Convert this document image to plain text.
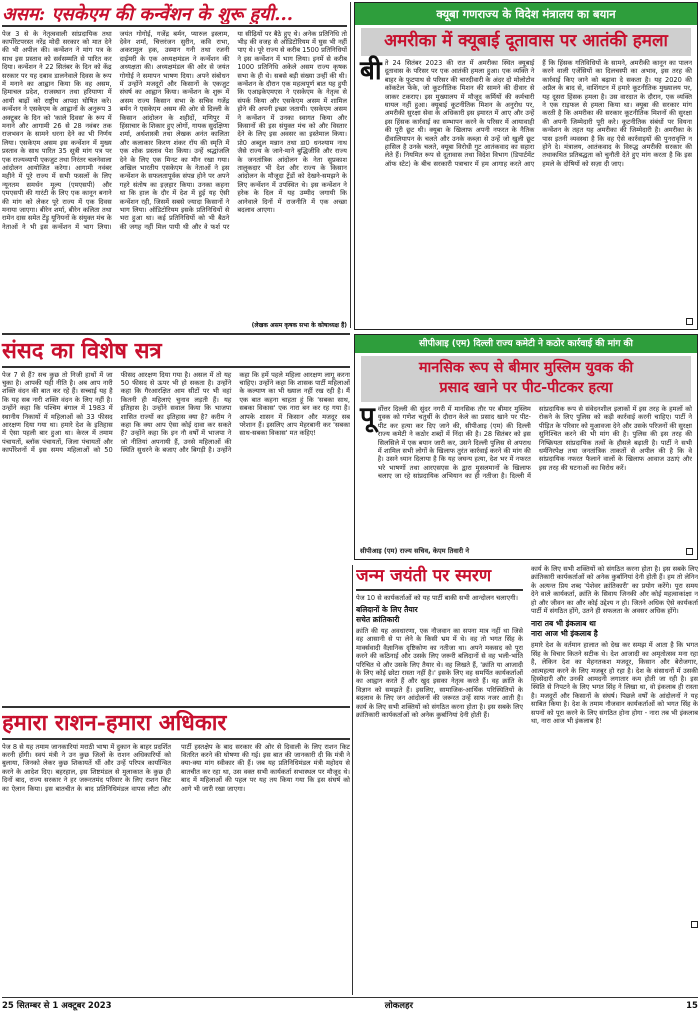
असम: एसकेएम की कन्वेंशन के शुरू हुयी...
पेज 3 से के नेतृत्ववाली सांप्रदायिक तथा कार्पोरेटपरस्त नरेंद्र मोदी सरकार को मात देने की भी अपील की। कन्वेंशन ने मांग पत्र के साथ इस प्रस्ताव को सर्वसम्मति से पारित कर दिया। कन्वेंशन ने 22 सितंबर के दिन को केंद्र सरकार पर यह दबाव डालनेवाले दिवस के रूप में मनाने का आह्वान किया कि वह असम, हिमाचल प्रदेश, राजस्थान तथा हरियाणा में आयी बाढ़ों को राष्ट्रीय आपदा घोषित करे। कन्वेंशन ने एसकेएम के आह्वानों के अनुरूप 3 अक्टूबर के दिन को 'काले दिवस' के रूप में मनाने और आगामी 26 से 28 नवंबर तक राजभवन के सामने धरना देने का भी निर्णय लिया। एसकेएम असम इस कन्वेंशन में मुख्य प्रस्ताव के साथ पारित 35 सूत्री मांग पत्र पर एक राज्यव्यापी एकजुट तथा निरंतर चलनेवाला आंदोलन आयोजित करेगा। आगामी नवंबर महीने में पूरे राज्य में सभी फसलों के लिए न्यूनतम समर्थन मूल्य (एमएसपी) और एमएसपी की गारंटी के लिए एक कानून बनाने की मांग को लेकर पूरे राज्य में एक दिवस मनाया जाएगा। बीरेन शर्मा, बीरेन कलिता तथा रामेन दास समेत टेंड्रु यूनियनों के संयुक्त मंच के नेताओं ने भी इस कन्वेंशन में भाग लिया। जयंत गोगोई, गजेंद्र बर्मन, प्यारुल इस्लाम, देवेन शर्मा, चित्तरंजन सुरीन, कवि राभा, अकरामुल हक, उस्मान गनी तथा रजनी दाईमरी के एक अध्यक्षमंडल ने कन्वेंशन की अध्यक्षता की। अध्यक्षमंडल की ओर से जयंत गोगोई ने समापन भाषण दिया। अपने संबोधन में उन्होंने मजदूरों और किसानों के एकजुट संघर्ष का आह्वान किया। कन्वेंशन के शुरू में असम राज्य किसान सभा के सचिव गजेंद्र बर्मन ने एसकेएम असम की ओर से दिल्ली के किसान आंदोलन के शहीदों, मणिपुर में हिंसाचार के शिकार हुए लोगों, गायक सुदक्षिणा शर्मा, अर्थशास्त्री तथा लेखक अनंत कालिता और कलाकार किरण शंकर रॉय की स्मृति में एक शोक प्रस्ताव पेश किया। उन्हें श्रद्धांजलि देने के लिए एक मिनट का मौन रखा गया। अखिल भारतीय एसकेएम के नेताओं ने इस कन्वेंशन के सफलतापूर्वक संपन्न होने पर अपने गहरे संतोष का इज़हार किया। उनका कहना था कि हाल के दौर में देश में हुई यह ऐसी कन्वेंशन रही, जिसमें सबसे ज्यादा किसानों ने भाग लिया। ऑडिटोरियम इसके प्रतिनिधियों से भरा हुआ था। कई प्रतिनिधियों को भी बैठने की जगह नहीं मिल पायी थी और वे फर्श पर या सीढ़ियों पर बैठे हुए थे। अनेक प्रतिनिधि तो भीड़ की वजह से ऑडिटोरियम में घुस भी नहीं पाए थे। पूरे राज्य से करीब 1500 प्रतिनिधियों ने इस कन्वेंशन में भाग लिया। इनमें से करीब 1000 प्रतिनिधि अकेले असम राज्य कृषक सभा के ही थे। सबसे बड़ी संख्या उन्हीं की थी। कन्वेंशन के दौरान एक महत्वपूर्ण बात यह हुयी कि एआइकेएमएस ने एसकेएम के नेतृत्व से संपर्क किया और एसकेएम असम में शामिल होने की अपनी इच्छा जतायी। एसकेएम असम ने कन्वेंशन में उनका स्वागत किया और किसानों की इस संयुक्त मंच को और विस्तार देने के लिए इस अवसर का इस्तेमाल किया। प्रो0 अब्दुल मन्नान तथा डा0 धनश्याम नाथ जैसे राज्य के जाने-माने बुद्धिजीवि और राज्य के जनतांत्रिक आंदोलन के नेता सुप्रकाश तालुकदार भी देश और राज्य के किसान आंदोलन के मौजूदा ट्रेंडों को देखने-समझने के लिए कन्वेंशन में उपस्थित थे। इस कन्वेंशन ने हरेक के दिल में यह उम्मीद जगायी कि आनेवाले दिनों में राजनीति में एक अच्छा बदलाव आएगा।
(लेखक असम कृषक सभा के कोषाध्यक्ष हैं)
क्यूबा गणराज्य के विदेश मंत्रालय का बयान
अमरीका में क्यूबाई दूतावास पर आतंकी हमला
बी ते 24 सितंबर 2023 की रात में अमरीका स्थित क्यूबाई दूतावास के परिसर पर एक आतंकी हमला हुआ। एक व्यक्ति ने बाहर के फुटपाथ से परिसर की चारदीवारी के अंदर दो मोलोटोव कॉकटेल फेंके, जो कूटनीतिक मिशन की सामने की दीवार से जाकर टकराए। इस मुख्यालय में मौजूद कर्मियों की कर्मचारी घायल नहीं हुआ। क्यूबाई कूटनीतिक मिशन के अनुरोध पर, अमरीकी सुरक्षा सेवा के अधिकारी इस इमारत में आए और उन्हें इस हिंसक कार्रवाई का सम्भापन करने के परिसर में आयावाही की पूरी छूट थी। क्यूबा के खिलाफ अपनी नफरत के नैतिक दीवालियापन के चलते और उनके कब्ज़ा से उन्हें जो खुली छूट हासिल है उनके चलते, क्यूबा विरोधी गुट आतंकवाद का सहारा लेते हैं। नियमित रूप से दूतावास तथा विदेश विभाग (डिपार्टमेंट ऑफ स्टेट) के बीच सरकारी पत्राचार में हम आगाह करते आए हैं कि हिंसक गतिविधियों के सामने, अमरीकी कानून का पालन करने वाली एजेंसियों का दिलचस्पी का अभाव, इस तरह की कार्रवाई किए जाने को बढ़ावा दे सकता है। यह 2020 की अप्रैल के बाद से, वाशिंगटन में हमारे कूटनीतिक मुख्यालय पर, यह दूसरा हिंसक हमला है। उस वारदात के दौरान, एक व्यक्ति ने एक राइफल से हमला किया था। क्यूबा की सरकार मांग करती है कि अमरीका की सरकार कूटनीतिक मिशनों की सुरक्षा की अपनी जिम्मेदारी पूरी करे। कूटनीतिक संबंधों पर वियना कन्वेंशन के तहत यह अमरीका की जिम्मेदारी है। अमरीका के पास इतनी व्यवस्था है कि वह ऐसे कार्रवाइयों की पुनरावृत्ति न होने दे। मंत्रालय, आतंकवाद के विरुद्ध अमरीकी सरकार की तथाकथित प्रतिबद्धता को चुनौती देते हुए मांग करता है कि इस हमले के दोषियों को सज़ा दी जाए।
सीपीआइ (एम) दिल्ली राज्य कमेटी ने कठोर कार्रवाई की मांग की
मानसिक रूप से बीमार मुस्लिम युवक की
प्रसाद खाने पर पीट-पीटकर हत्या
पू र्वोत्तर दिल्ली की सुंदर नगरी में मानसिक तौर पर बीमार मुस्लिम युवक को गणेश चतुर्थी के दौरान केले का प्रसाद खाने पर पीट-पीट कर हत्या कर दिए जाने की, सीपीआइ (एम) की दिल्ली राज्य कमेटी ने कठोर शब्दों में निंदा की है। 28 सितंबर को इस सिलसिले में एक बयान जारी कर, उसने दिल्ली पुलिस से अपराध में शामिल सभी लोगों के खिलाफ तुरंत कार्रवाई करने की मांग की है। उसने ध्यान दिलाया है कि यह जघन्य हत्या, देश भर में नफरत भरे भाषणों तथा आरएसएस के द्वारा मुसलमानों के खिलाफ चलाए जा रहे सांप्रदायिक अभियान का ही नतीजा है। दिल्ली में सांप्रदायिक रूप से संवेदनशील इलाकों में इस तरह के हमलों को रोकने के लिए पुलिस को कड़ी कार्रवाई करनी चाहिए। पार्टी ने पीड़ित के परिवार को मुआवजा देने और उसके परिजनों की सुरक्षा सुनिश्चित करने की भी मांग की है। पुलिस की इस तरह की निष्क्रियता सांप्रदायिक तत्वों के हौसले बढ़ाती है। पार्टी ने सभी धर्मनिरपेक्ष तथा जनतांत्रिक ताकतों से अपील की है कि वे सांप्रदायिक नफरत फैलाने वालों के खिलाफ आवाज उठाएं और इस तरह की घटनाओं का विरोध करें।
सीपीआइ (एम) राज्य सचिव, केएम तिवारी ने
संसद का विशेष सत्र
पेज 7 से हैं? सच कुछ तो निजी हाथों में जा चुका है। आपकी यही नीति है। अब आप नारी शक्ति वंदन की बात कर रहे हैं। सच्चाई यह है कि यह सब नारी शक्ति वंदन के लिए नहीं है। उन्होंने कहा कि पश्चिम बंगाल में 1983 में स्थानीय निकायों में महिलाओं को 33 फीसद आरक्षण दिया गया था। हमारे देश के इतिहास में ऐसा पहली बार हुआ था। केरल में तमाम पंचायतों, ब्लॉक पंचायतों, जिला पंचायतों और कार्पोरेशनों में इस समय महिलाओं को 50 फीसद आरक्षण दिया गया है। असल में तो यह 50 फीसद से ऊपर भी हो सकता है। उन्होंने कहा कि गैरआरक्षित आम सीटों पर भी वहां कितनी ही महिलाएं चुनाव लड़ती हैं। यह इतिहास है। उन्होंने सवाल किया कि भाजपा शासित राज्यों का इतिहास क्या है? करीम ने कहा कि क्या आप ऐसा कोई दावा कर सकते हैं? उन्होंने कहा कि इन नौ वर्षों में भाजपा ने जो नीतियां अपनायी हैं, उनसे महिलाओं की स्थिति सुधरने के बजाए और बिगड़ी है। उन्होंने कहा कि हमें पहले महिला आरक्षण लागू करना चाहिए। उन्होंने कहा कि शासक पार्टी महिलाओं के कल्याण का भी ख्याल नहीं रख रही है। मैं एक बात कहना चाहता हूं कि 'सबका साथ, सबका विकास' एक नारा बन कर रह गया है। आपके शासन में किसान और मजदूर सब परेशान हैं। इसलिए आप मेहरबानी कर 'सबका साथ-सबका विकास' मत कहिए!
हमारा राशन-हमारा अधिकार
पेज 8 से यह तमाम जानकारियां मराठी भाषा में दुकान के बाहर प्रदर्शित करनी होंगी। स्वयं मंत्री ने उन कुछ जिलों के राशन अधिकारियों को बुलाया, जिनको लेकर कुछ शिकायतें थीं और उन्हें परिपत्र कार्यान्वित करने के आदेश दिए। बहरहाल, इस शिष्टमंडल से मुलाकात के कुछ ही दिनों बाद, राज्य सरकार ने हर जरूरतमंद परिवार के लिए राशन किट का ऐलान किया। इस बातचीत के बाद प्रतिनिधिमंडल वापस लौटा और पार्टी हस्तक्षेप के बाद सरकार की ओर से दिवाली के लिए राशन किट वितरित करने की घोषणा की गई। इस बात की जानकारी दी कि मंत्री ने क्या-क्या मांग स्वीकार की हैं। जब यह प्रतिनिधिमंडल मंत्री महोदय से बातचीत कर रहा था, उस वक्त सभी कार्यकर्ता सभास्थल पर मौजूद थे। बाद में महिलाओं की पहल पर यह तय किया गया कि इस संघर्ष को आगे भी जारी रखा जाएगा।
जन्म जयंती पर स्मरण
पेज 10 से कार्यकर्ताओं को यह पार्टी बाकी सभी आन्दोलन चलाएगी।
बलिदानों के लिए तैयार
सचेत क्रांतिकारी
क्रांति की यह अवधारणा, एक नौजवान का सपना मात्र नहीं था जिसे वह आसानी से पा लेने के किसी भ्रम में थे। वह तो भगत सिंह के मार्क्सवादी वैज्ञानिक दृष्टिकोण का नतीजा था। अपने मकसद को पूरा करने की कठिनाई और उसके लिए जरूरी बलिदानों से वह भली-भांति परिचित थे और उसके लिए तैयार थे। वह लिखते हैं, 'क्रांति या आजादी के लिए कोई छोटा रास्ता नहीं है।' इसके लिए वह समर्पित कार्यकर्ताओं का आह्वान करते हैं और खुद इसका नेतृत्व करते हैं। वह क्रांति के विज्ञान को समझते हैं। इसलिए, सामाजिक-आर्थिक परिस्थितियों के बदलाव के लिए जन आंदोलनों की जरूरत उन्हें साफ नजर आती है। कार्य के लिए सभी शक्तियों को संगठित करना होता है। इस सबके लिए क्रांतिकारी कार्यकर्ताओं को अनेक कुर्बानियां देनी होती हैं।
कार्य के लिए सभी शक्तियों को संगठित करना होता है। इस सबके लिए क्रांतिकारी कार्यकर्ताओं को अनेक कुर्बानियां देनी होती हैं। हम तो लेनिन के अत्यन्त प्रिय शब्द 'पेशेवर क्रांतिकारी' का प्रयोग करेंगे। पूरा समय देने वाले कार्यकर्ता, क्रांति के सिवाय जिनकी और कोई महत्वाकांक्षा न हो और जीवन का और कोई उद्देश्य न हो। जितने अधिक ऐसे कार्यकर्ता पार्टी में संगठित होंगे, उतने ही सफलता के अवसर अधिक होंगे।
नारा तब भी इंकलाब था
नारा आज भी इंकलाब है
हमारे देश के वर्तमान हालात को देख कर समझ में आता है कि भगत सिंह के विचार कितने सटीक थे। देश आजादी का अमृतोत्सव मना रहा है, लेकिन देश का मेहनतकश मजदूर, किसान और बेरोजगार, आत्महत्या करने के लिए मजबूर हो रहा है। देश के संसाधनों में उसकी हिस्सेदारी और उनकी आमदनी लगातार कम होती जा रही है। इस स्थिति से निपटने के लिए भगत सिंह ने लिखा था, वो इंकलाब ही रास्ता है। मजदूरों और किसानों के संघर्ष। पिछले वर्षों के आंदोलनों ने यह साबित किया है। देश के तमाम नौजवान कार्यकर्ताओं को भगत सिंह के सपनों को पूरा करने के लिए संगठित होना होगा - नारा तब भी इंकलाब था, नारा आज भी इंकलाब है!
25 सितम्बर से 1 अक्टूबर 2023	लोकलहर	15
